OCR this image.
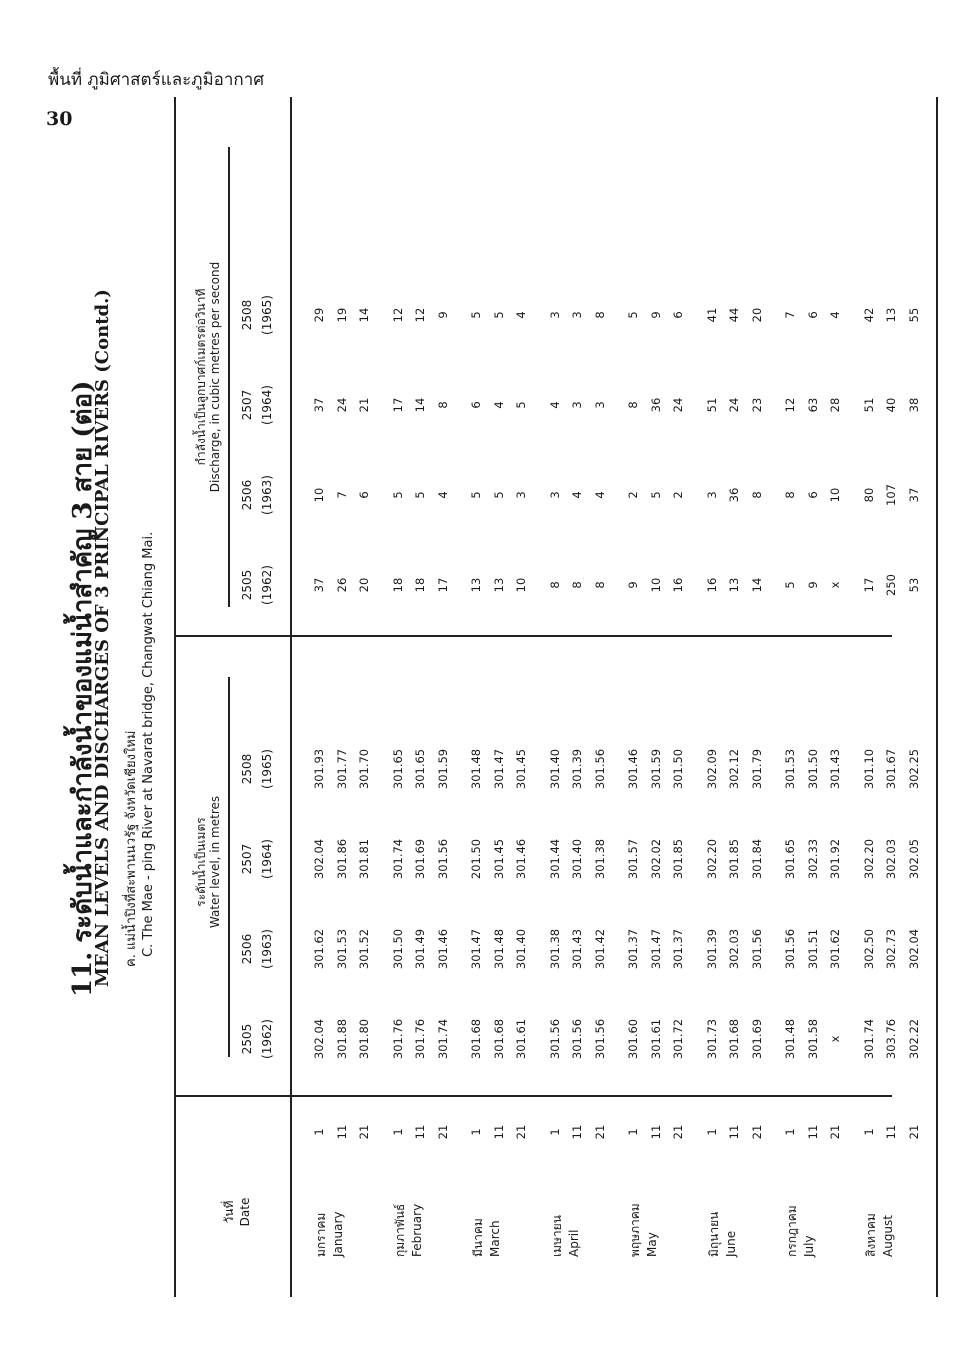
พื้นที่ ภูมิศาสตร์และภูมิอากาศ
30
11. ระดับน้ำและกำลังน้ำของแม่น้ำสำคัญ 3 สาย (ต่อ)
MEAN LEVELS AND DISCHARGES OF 3 PRINCIPAL RIVERS (Contd.) ค. แม่น้ำปิงที่สะพานนวรัฐ จังหวัดเชียงใหม่ C. The Mae - ping River at Navarat bridge, Changwat Chiang Mai.
วันที่ Date
ระดับน้ำเป็นเมตร Water level, in metres
กำลังน้ำเป็นลูกบาศก์เมตรต่อวินาที Discharge, in cubic metres per second
2505 (1962)
2505 (1962)
2506 (1963)
2506 (1963)
2507 (1964)
2507 (1964)
2508 (1965)
2508 (1965)
มกราคม January
1
302.04
301.62
302.04
301.93
37
10
37
29
11
301.88
301.53
301.86
301.77
26
7
24
19
21
301.80
301.52
301.81
301.70
20
6
21
14
กุมภาพันธ์ February
1
301.76
301.50
301.74
301.65
18
5
17
12
11
301.76
301.49
301.69
301.65
18
5
14
12
21
301.74
301.46
301.56
301.59
17
4
8
9
มีนาคม March
1
301.68
301.47
201.50
301.48
13
5
6
5
11
301.68
301.48
301.45
301.47
13
5
4
5
21
301.61
301.40
301.46
301.45
10
3
5
4
เมษายน April
1
301.56
301.38
301.44
301.40
8
3
4
3
11
301.56
301.43
301.40
301.39
8
4
3
3
21
301.56
301.42
301.38
301.56
8
4
3
8
พฤษภาคม May
1
301.60
301.37
301.57
301.46
9
2
8
5
11
301.61
301.47
302.02
301.59
10
5
36
9
21
301.72
301.37
301.85
301.50
16
2
24
6
มิถุนายน June
1
301.73
301.39
302.20
302.09
16
3
51
41
11
301.68
302.03
301.85
302.12
13
36
24
44
21
301.69
301.56
301.84
301.79
14
8
23
20
กรกฎาคม July
1
301.48
301.56
301.65
301.53
5
8
12
7
11
301.58
301.51
302.33
301.50
9
6
63
6
21
x
301.62
301.92
301.43
x
10
28
4
สิงหาคม August
1
301.74
302.50
302.20
301.10
17
80
51
42
11
303.76
302.73
302.03
301.67
250
107
40
13
21
302.22
302.04
302.05
302.25
53
37
38
55
